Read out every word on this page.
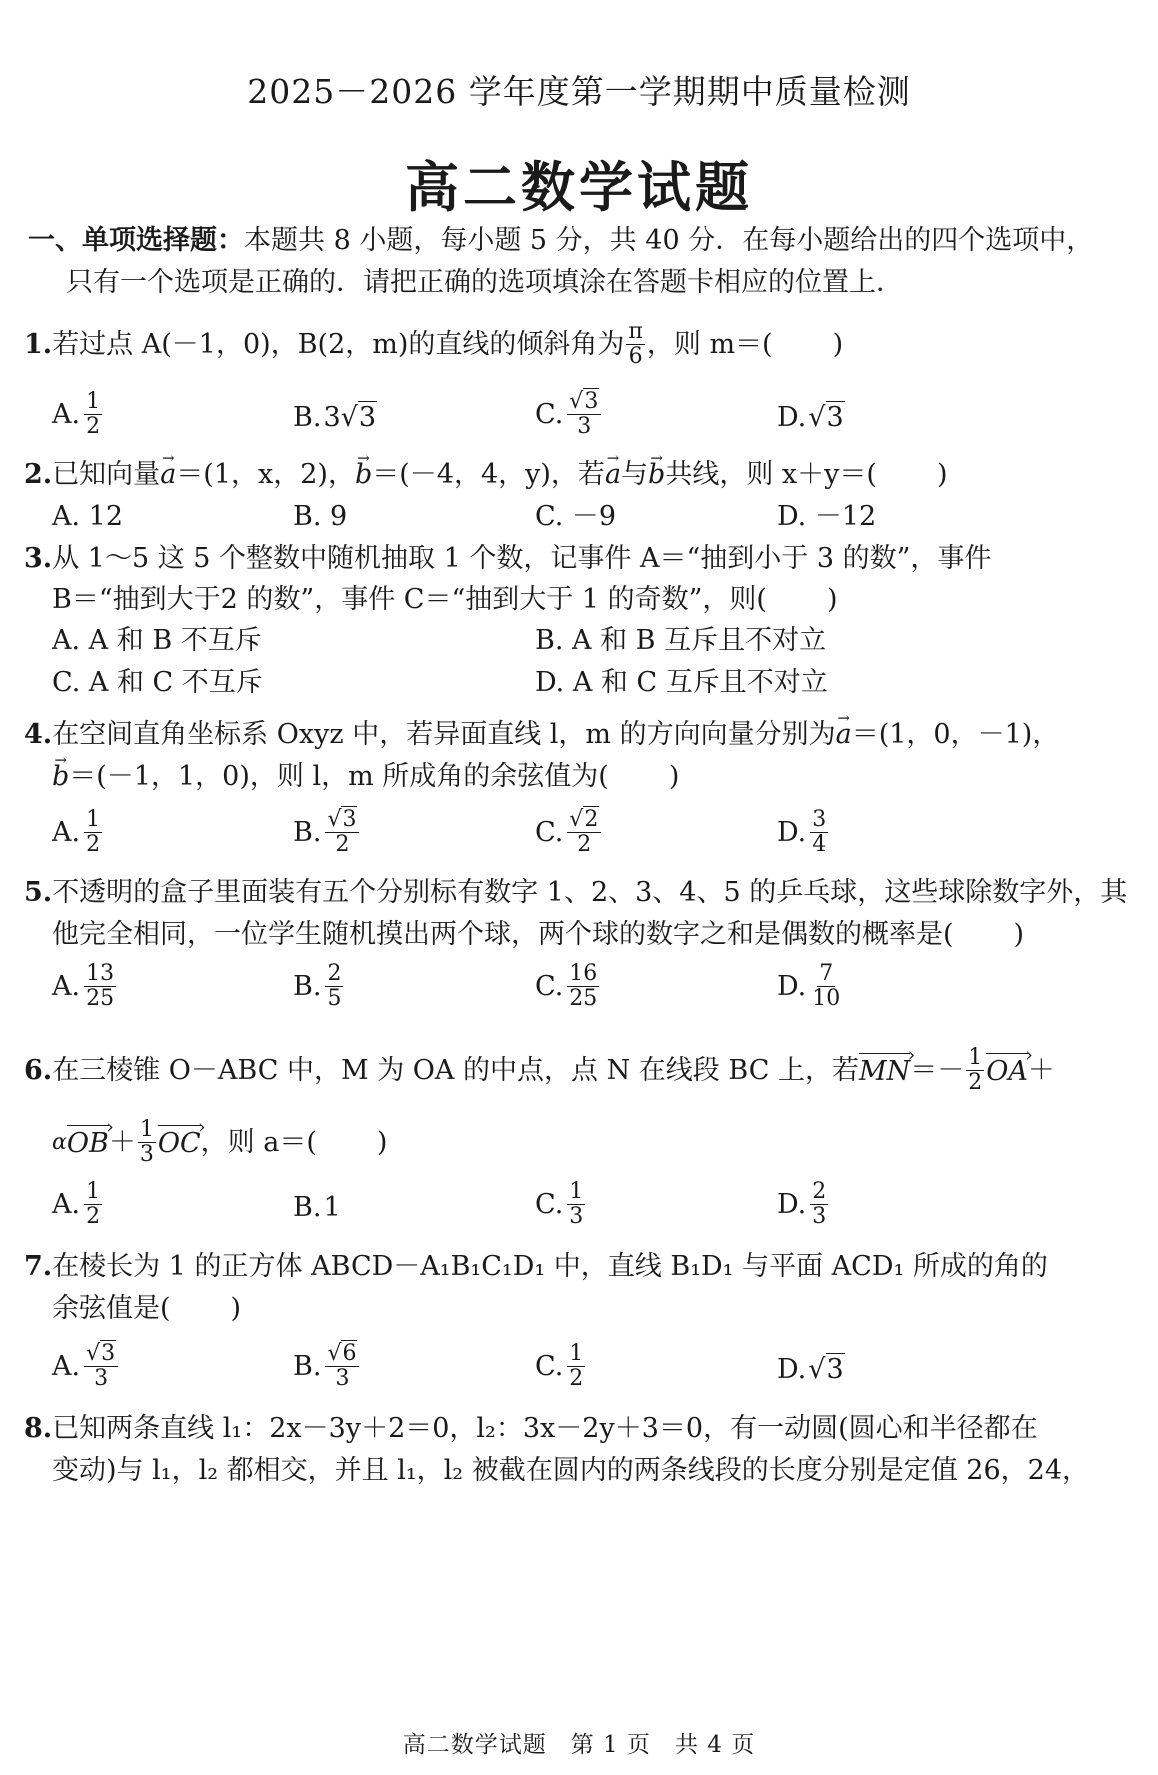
2025－2026 学年度第一学期期中质量检测
高二数学试题
一、单项选择题：本题共 8 小题，每小题 5 分，共 40 分．在每小题给出的四个选项中，
只有一个选项是正确的．请把正确的选项填涂在答题卡相应的位置上．
1. 若过点 A(－1，0)，B(2，m)的直线的倾斜角为 $\frac{\pi}{6}$ ，则 m＝( )
A. $\frac{1}{2}$	B. 3 √3	C. $\frac{√3}{3}$	D. √3
2. 已知向量 → a ＝(1，x，2)， → b ＝(－4，4，y)，若 → a 与 → b 共线，则 x＋y＝( )
A. 12	B. 9	C. －9	D. －12
3. 从 1～5 这 5 个整数中随机抽取 1 个数，记事件 A＝“抽到小于 3 的数”，事件
B＝“抽到大于2 的数”，事件 C＝“抽到大于 1 的奇数”，则( )
A. A 和 B 不互斥	B. A 和 B 互斥且不对立
C. A 和 C 不互斥	D. A 和 C 互斥且不对立
4. 在空间直角坐标系 Oxyz 中，若异面直线 l，m 的方向向量分别为 → a ＝(1，0，－1)，
→ b ＝(－1，1，0)，则 l，m 所成角的余弦值为( )
A. $\frac{1}{2}$	B. $\frac{√3}{2}$	C. $\frac{√2}{2}$	D. $\frac{3}{4}$
5. 不透明的盒子里面装有五个分别标有数字 1、2、3、4、5 的乒乓球，这些球除数字外，其
他完全相同，一位学生随机摸出两个球，两个球的数字之和是偶数的概率是( )
A. $\frac{13}{25}$	B. $\frac{2}{5}$	C. $\frac{16}{25}$	D. $\frac{7}{10}$
6. 在三棱锥 O－ABC 中，M 为 OA 的中点，点 N 在线段 BC 上，若 MN › ＝－ $\frac{1}{2}$ OA › ＋
α OB › ＋ $\frac{1}{3}$ OC › ，则 a＝( )
A. $\frac{1}{2}$	B. 1	C. $\frac{1}{3}$	D. $\frac{2}{3}$
7. 在棱长为 1 的正方体 ABCD－A₁B₁C₁D₁ 中，直线 B₁D₁ 与平面 ACD₁ 所成的角的
余弦值是( )
A. $\frac{√3}{3}$	B. $\frac{√6}{3}$	C. $\frac{1}{2}$	D. √3
8. 已知两条直线 l₁：2x－3y＋2＝0，l₂：3x－2y＋3＝0，有一动圆(圆心和半径都在
变动)与 l₁，l₂ 都相交，并且 l₁，l₂ 被截在圆内的两条线段的长度分别是定值 26，24，
高二数学试题　第 1 页　共 4 页
